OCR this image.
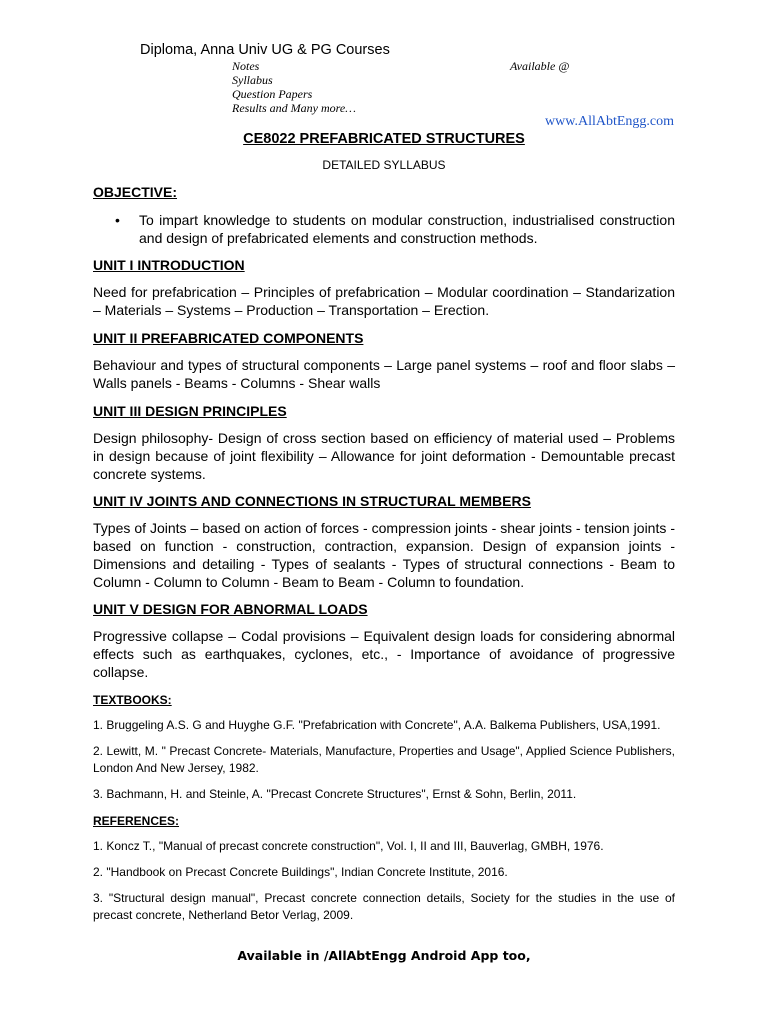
Diploma, Anna Univ UG & PG Courses
Notes
Syllabus
Question Papers
Results and Many more…
Available @
www.AllAbtEngg.com
CE8022 PREFABRICATED STRUCTURES
DETAILED SYLLABUS

OBJECTIVE:

•	To impart knowledge to students on modular construction, industrialised construction and design of prefabricated elements and construction methods.

UNIT I INTRODUCTION

Need for prefabrication – Principles of prefabrication – Modular coordination – Standarization – Materials – Systems – Production – Transportation – Erection.

UNIT II PREFABRICATED COMPONENTS

Behaviour and types of structural components – Large panel systems – roof and floor slabs – Walls panels - Beams - Columns - Shear walls

UNIT III DESIGN PRINCIPLES

Design philosophy- Design of cross section based on efficiency of material used – Problems in design because of joint flexibility – Allowance for joint deformation - Demountable precast concrete systems.

UNIT IV JOINTS AND CONNECTIONS IN STRUCTURAL MEMBERS

Types of Joints – based on action of forces - compression joints - shear joints - tension joints - based on function - construction, contraction, expansion. Design of expansion joints - Dimensions and detailing - Types of sealants - Types of structural connections - Beam to Column - Column to Column - Beam to Beam - Column to foundation.

UNIT V DESIGN FOR ABNORMAL LOADS

Progressive collapse – Codal provisions – Equivalent design loads for considering abnormal effects such as earthquakes, cyclones, etc., - Importance of avoidance of progressive collapse.

TEXTBOOKS:

1. Bruggeling A.S. G and Huyghe G.F. "Prefabrication with Concrete", A.A. Balkema Publishers, USA,1991.

2. Lewitt, M. " Precast Concrete- Materials, Manufacture, Properties and Usage", Applied Science Publishers, London And New Jersey, 1982.

3. Bachmann, H. and Steinle, A. "Precast Concrete Structures", Ernst & Sohn, Berlin, 2011.

REFERENCES:

1. Koncz T., "Manual of precast concrete construction", Vol. I, II and III, Bauverlag, GMBH, 1976.

2. "Handbook on Precast Concrete Buildings", Indian Concrete Institute, 2016.

3. "Structural design manual", Precast concrete connection details, Society for the studies in the use of precast concrete, Netherland Betor Verlag, 2009.

Available in /AllAbtEngg Android App too,
